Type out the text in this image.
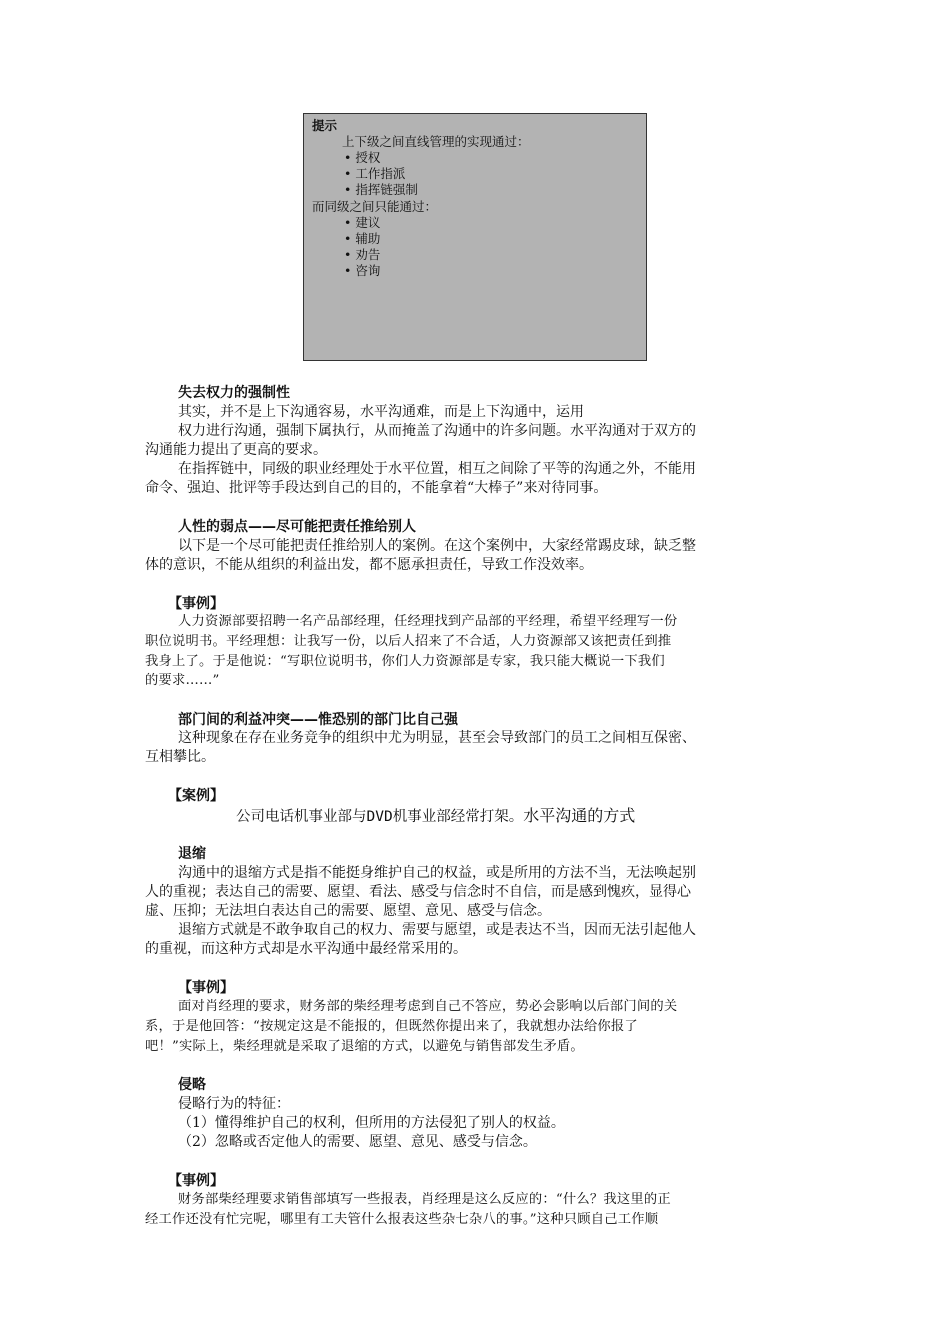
提示
上下级之间直线管理的实现通过：
• 授权
• 工作指派
• 指挥链强制
而同级之间只能通过：
• 建议
• 辅助
• 劝告
• 咨询
失去权力的强制性
其实，并不是上下沟通容易，水平沟通难，而是上下沟通中，运用
权力进行沟通，强制下属执行，从而掩盖了沟通中的许多问题。水平沟通对于双方的
沟通能力提出了更高的要求。
在指挥链中，同级的职业经理处于水平位置，相互之间除了平等的沟通之外，不能用
命令、强迫、批评等手段达到自己的目的，不能拿着“大棒子”来对待同事。
人性的弱点——尽可能把责任推给别人
以下是一个尽可能把责任推给别人的案例。在这个案例中，大家经常踢皮球，缺乏整
体的意识，不能从组织的利益出发，都不愿承担责任，导致工作没效率。
【事例】
人力资源部要招聘一名产品部经理，任经理找到产品部的平经理，希望平经理写一份
职位说明书。平经理想：让我写一份，以后人招来了不合适，人力资源部又该把责任到推
我身上了。于是他说：“写职位说明书，你们人力资源部是专家，我只能大概说一下我们
的要求……”
部门间的利益冲突——惟恐别的部门比自己强
这种现象在存在业务竞争的组织中尤为明显，甚至会导致部门的员工之间相互保密、
互相攀比。
【案例】
公司电话机事业部与DVD机事业部经常打架。水平沟通的方式
退缩
沟通中的退缩方式是指不能挺身维护自己的权益，或是所用的方法不当，无法唤起别
人的重视；表达自己的需要、愿望、看法、感受与信念时不自信，而是感到愧疚，显得心
虚、压抑；无法坦白表达自己的需要、愿望、意见、感受与信念。
退缩方式就是不敢争取自己的权力、需要与愿望，或是表达不当，因而无法引起他人
的重视，而这种方式却是水平沟通中最经常采用的。
【事例】
面对肖经理的要求，财务部的柴经理考虑到自己不答应，势必会影响以后部门间的关
系，于是他回答：“按规定这是不能报的，但既然你提出来了，我就想办法给你报了
吧！”实际上，柴经理就是采取了退缩的方式，以避免与销售部发生矛盾。
侵略
侵略行为的特征：
（1）懂得维护自己的权利，但所用的方法侵犯了别人的权益。
（2）忽略或否定他人的需要、愿望、意见、感受与信念。
【事例】
财务部柴经理要求销售部填写一些报表，肖经理是这么反应的：“什么？我这里的正
经工作还没有忙完呢，哪里有工夫管什么报表这些杂七杂八的事。”这种只顾自己工作顺
